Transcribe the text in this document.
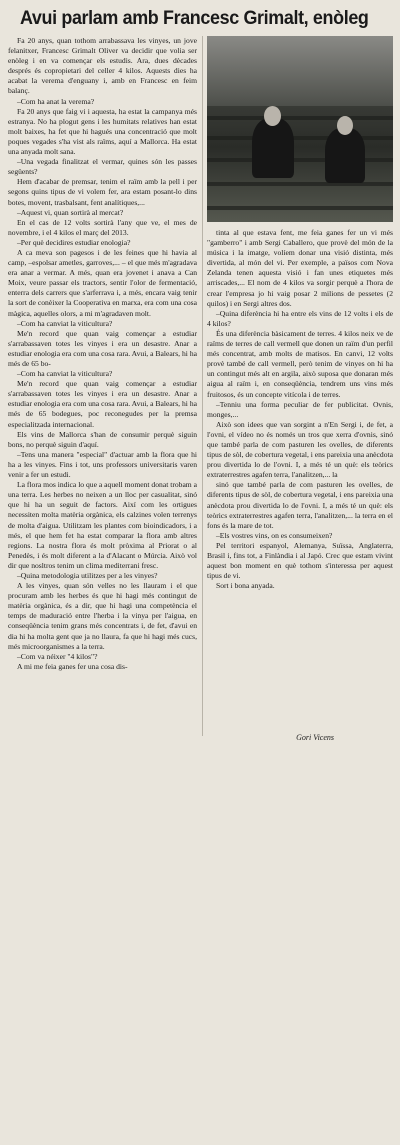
Avui parlam amb Francesc Grimalt, enòleg

Fa 20 anys, quan tothom arrabassava les vinyes, un jove felanitxer, Francesc Grimalt Oliver va decidir que volia ser enòleg i en va començar els estudis. Ara, dues dècades després és copropietari del celler 4 kilos. Aquests dies ha acabat la verema d'enguany i, amb en Francesc en feim balanç.

–Com ha anat la verema?

Fa 20 anys que faig vi i aquesta, ha estat la campanya més estranya. No ha plogut gens i les humitats relatives han estat molt baixes, ha fet que hi hagués una concentració que molt poques vegades s'ha vist als raïms, aquí a Mallorca. Ha estat una anyada molt sana.

–Una vegada finalitzat el vermar, quines són les passes següents?

Hem d'acabar de premsar, tenim el raïm amb la pell i per segons quins tipus de vi volem fer, ara estam posant-lo dins botes, movent, trasbalsant, fent analítiques,...

–Aquest vi, quan sortirà al mercat?

En el cas de 12 volts sortirà l'any que ve, el mes de novembre, i el 4 kilos el març del 2013.

–Per què decidires estudiar enologia?

A ca meva son pagesos i de les feines que hi havia al camp, –espolsar ametles, garroves,... – el que més m'agradava era anar a vermar. A més, quan era jovenet i anava a Can Moix, veure passar els tractors, sentir l'olor de fermentació, enterra dels carrers que s'arferrava i, a més, encara vaig tenir la sort de conèixer la Cooperativa en marxa, era com una cosa màgica, aquelles olors, a mi m'agradaven molt.

–Com ha canviat la viticultura?

Me'n record que quan vaig començar a estudiar s'arrabassaven totes les vinyes i era un desastre. Anar a estudiar enologia era com una cosa rara. Avui, a Balears, hi ha més de 65 bo-

–Com ha canviat la viticultura?

Me'n record que quan vaig començar a estudiar s'arrabassaven totes les vinyes i era un desastre. Anar a estudiar enologia era com una cosa rara. Avui, a Balears, hi ha més de 65 bodegues, poc reconegudes per la premsa especialitzada internacional.

Els vins de Mallorca s'han de consumir perquè siguin bons, no perquè siguin d'aquí.

–Tens una manera "especial" d'actuar amb la flora que hi ha a les vinyes. Fins i tot, uns professors universitaris varen venir a fer un estudi.

La flora mos indica lo que a aquell moment donat trobam a una terra. Les herbes no neixen a un lloc per casualitat, sinó que hi ha un seguit de factors. Així com les ortigues necessiten molta matèria orgànica, els calzines volen terrenys de molta d'aigua. Utilitzam les plantes com bioindicadors, i a més, el que hem fet ha estat comparar la flora amb altres regions. La nostra flora és molt pròxima al Priorat o al Penedès, i és molt diferent a la d'Alacant o Múrcia. Això vol dir que nosltros tenim un clima mediterrani fresc.

–Quina metodologia utilitzes per a les vinyes?

A les vinyes, quan són velles no les llauram i el que procuram amb les herbes és que hi hagi més contingut de matèria orgànica, és a dir, que hi hagi una competència el temps de maduració entre l'herba i la vinya per l'aigua, en conseqüència tenim grans més concentrats i, de fet, d'avui en dia hi ha molta gent que ja no llaura, fa que hi hagi més cucs, més microorganismes a la terra.

–Com va néixer "4 kilos"?

A mi me feia ganes fer una cosa dis-

tinta al que estava fent, me feia ganes fer un vi més "gamberro" i amb Sergi Caballero, que provè del món de la música i la imatge, volíem donar una visió distinta, més divertida, al món del vi. Per exemple, a països com Nova Zelanda tenen aquesta visió i fan unes etiquetes més arriscades,... El nom de 4 kilos va sorgir perquè a l'hora de crear l'empresa jo hi vaig posar 2 milions de pessetes (2 quilos) i en Sergi altres dos.

–Quina diferència hi ha entre els vins de 12 volts i els de 4 kilos?

És una diferència bàsicament de terres. 4 kilos neix ve de raïms de terres de call vermell que donen un raïm d'un perfil més concentrat, amb molts de matisos. En canvi, 12 volts provè també de call vermell, però tenim de vinyes on hi ha un contingut més alt en argila, això suposa que donaran més aigua al raïm i, en conseqüència, tendrem uns vins més fruitosos, és un concepte vitícola i de terres.

–Tenniu una forma peculiar de fer publicitat. Ovnis, monges,...

Això son idees que van sorgint a n'En Sergi i, de fet, a l'ovni, el vídeo no és només un tros que xerra d'ovnis, sinó que també parla de com pasturen les ovelles, de diferents tipus de sòl, de cobertura vegetal, i ens pareixia una anècdota prou divertida lo de l'ovni. I, a més té un què: els teòrics extraterrestres agafen terra, l'analitzen,... la

sinó que també parla de com pasturen les ovelles, de diferents tipus de sòl, de cobertura vegetal, i ens pareixia una anècdota prou divertida lo de l'ovni. I, a més té un què: els teòrics extraterrestres agafen terra, l'analitzen,... la terra en el fons és la mare de tot.

–Els vostres vins, on es consumeixen?

Pel territori espanyol, Alemanya, Suïssa, Anglaterra, Brasil i, fins tot, a Finlàndia i al Japó. Crec que estam vivint aquest bon moment en què tothom s'interessa per aquest tipus de vi.

Sort i bona anyada.

Gori Vicens
